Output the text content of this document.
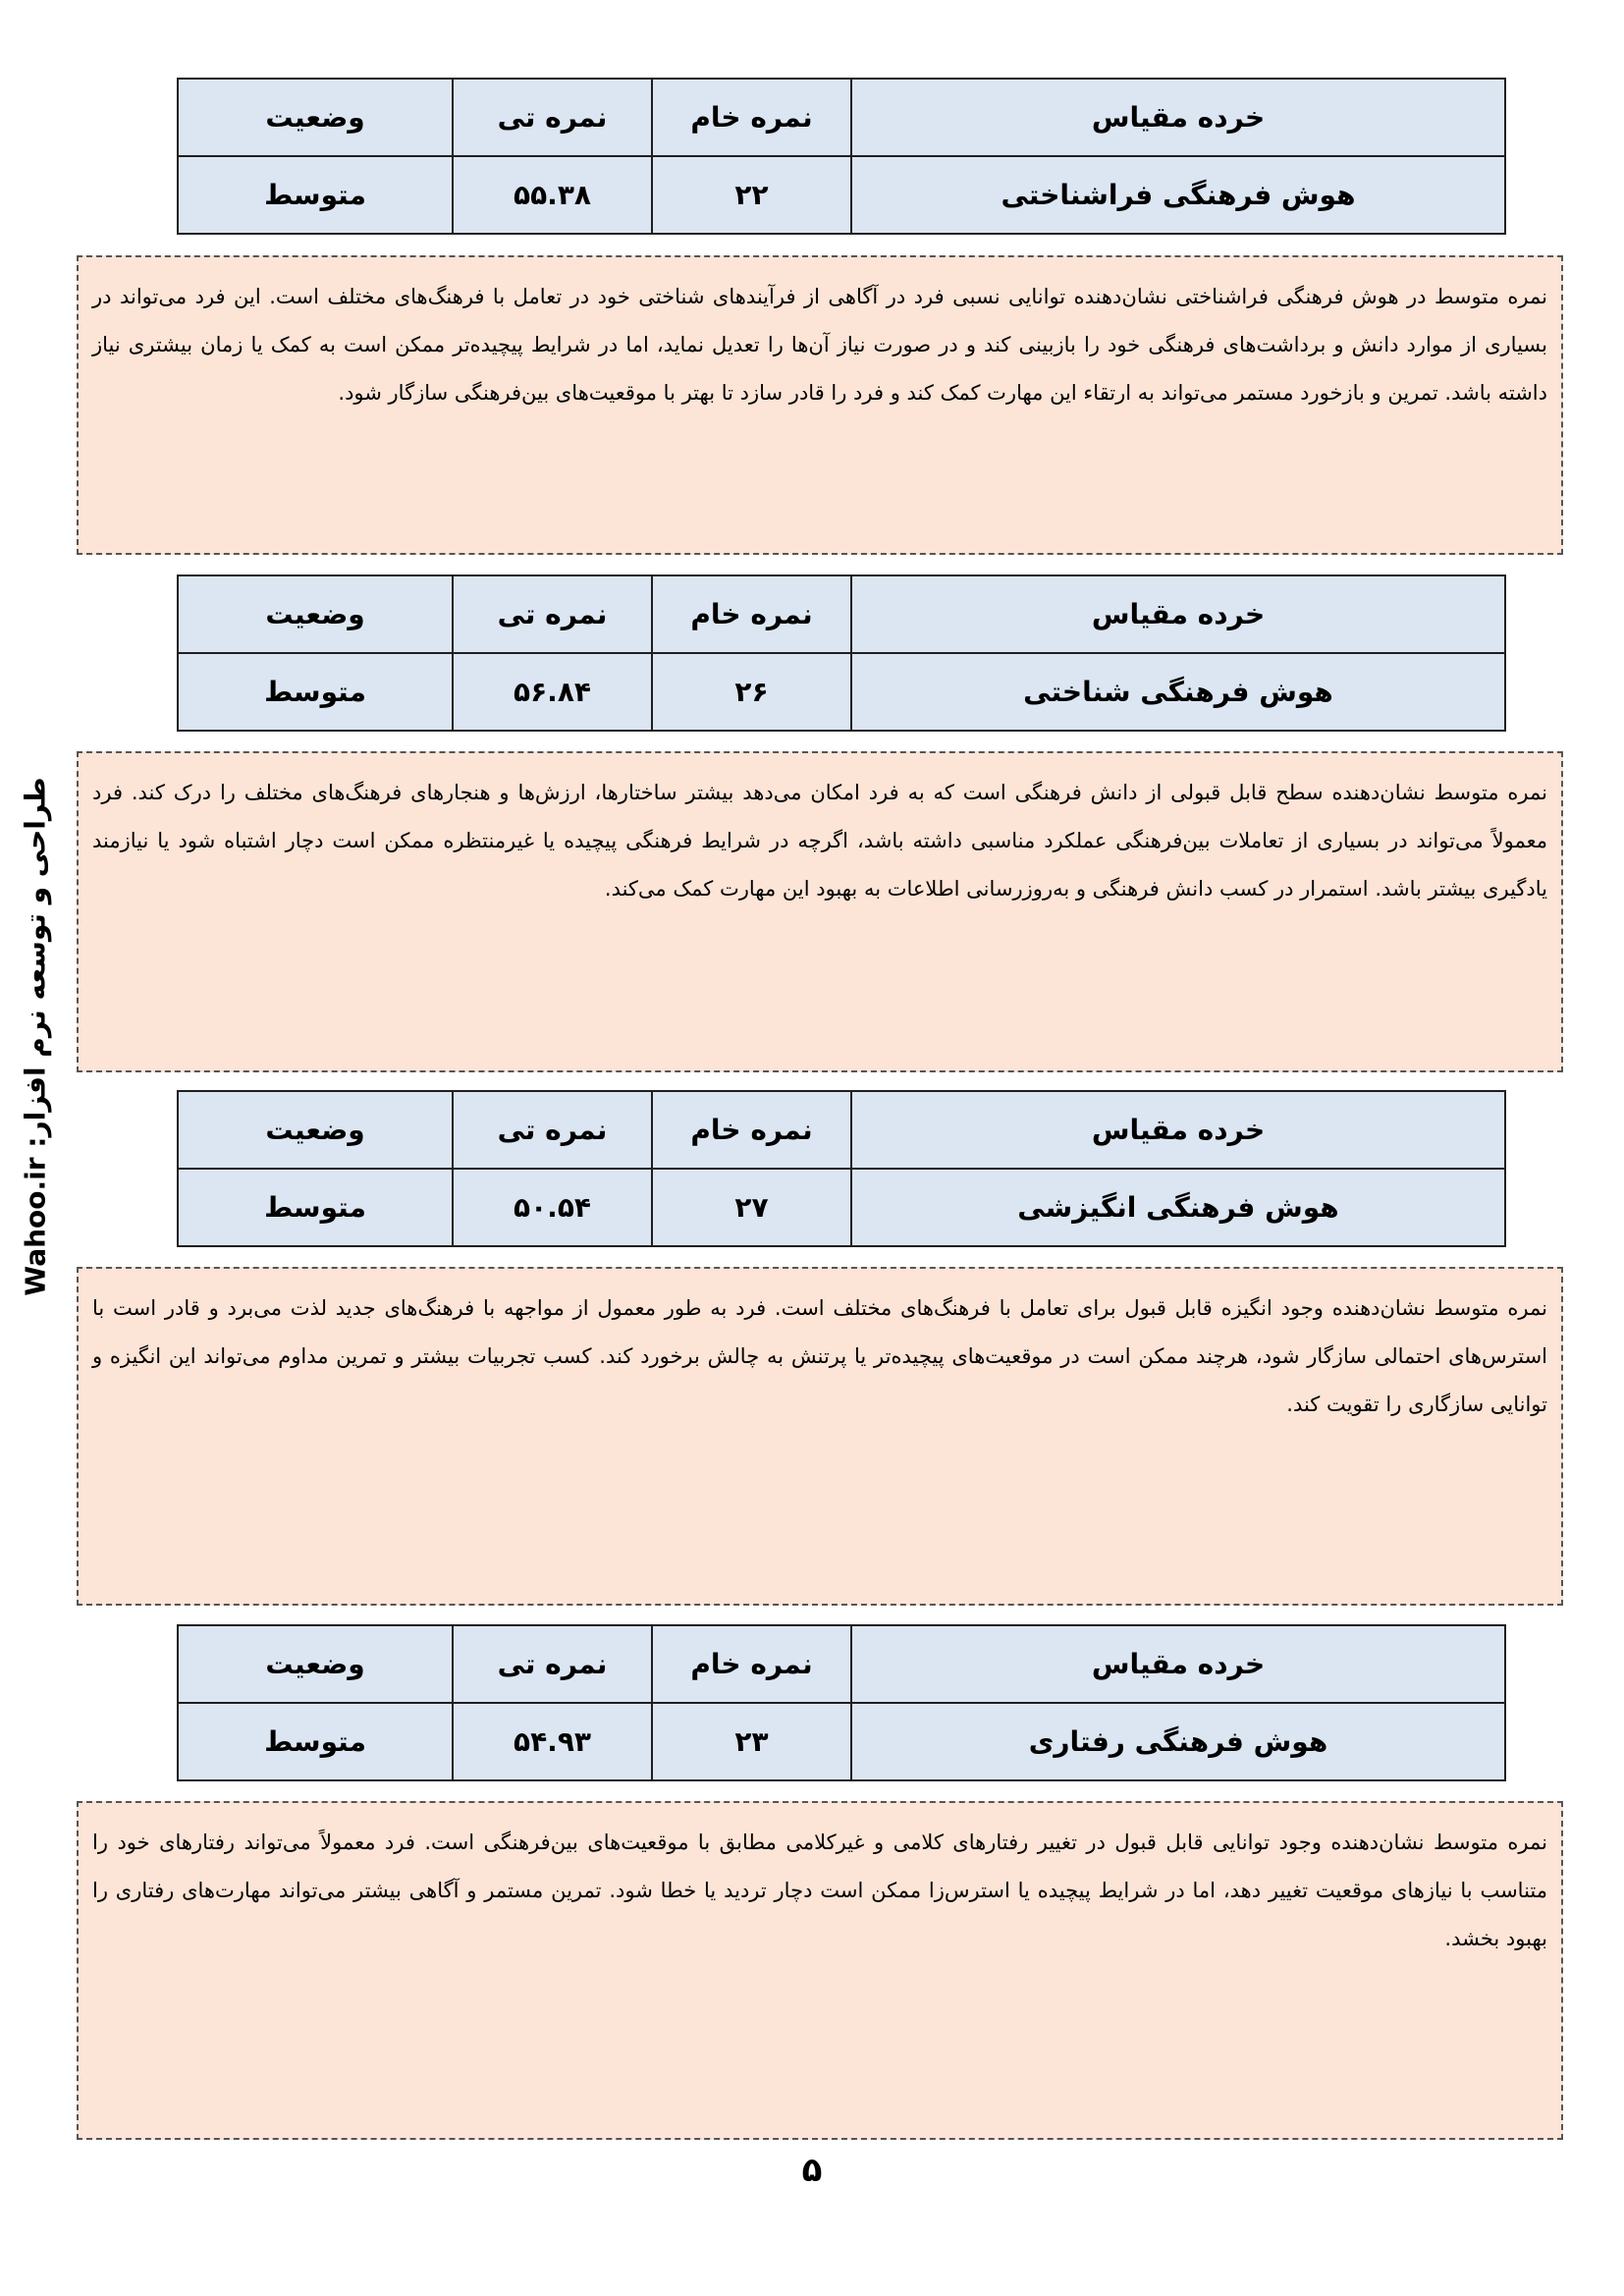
خرده مقیاس	نمره خام	نمره تی	وضعیت
هوش فرهنگی فراشناختی	۲۲	۵۵.۳۸	متوسط
نمره متوسط در هوش فرهنگی فراشناختی نشان‌دهنده توانایی نسبی فرد در آگاهی از فرآیندهای شناختی خود در تعامل با فرهنگ‌های مختلف است. این فرد می‌تواند در بسیاری از موارد دانش و برداشت‌های فرهنگی خود را بازبینی کند و در صورت نیاز آن‌ها را تعدیل نماید، اما در شرایط پیچیده‌تر ممکن است به کمک یا زمان بیشتری نیاز داشته باشد. تمرین و بازخورد مستمر می‌تواند به ارتقاء این مهارت کمک کند و فرد را قادر سازد تا بهتر با موقعیت‌های بین‌فرهنگی سازگار شود.
خرده مقیاس	نمره خام	نمره تی	وضعیت
هوش فرهنگی شناختی	۲۶	۵۶.۸۴	متوسط
نمره متوسط نشان‌دهنده سطح قابل قبولی از دانش فرهنگی است که به فرد امکان می‌دهد بیشتر ساختارها، ارزش‌ها و هنجارهای فرهنگ‌های مختلف را درک کند. فرد معمولاً می‌تواند در بسیاری از تعاملات بین‌فرهنگی عملکرد مناسبی داشته باشد، اگرچه در شرایط فرهنگی پیچیده یا غیرمنتظره ممکن است دچار اشتباه شود یا نیازمند یادگیری بیشتر باشد. استمرار در کسب دانش فرهنگی و به‌روزرسانی اطلاعات به بهبود این مهارت کمک می‌کند.
خرده مقیاس	نمره خام	نمره تی	وضعیت
هوش فرهنگی انگیزشی	۲۷	۵۰.۵۴	متوسط
نمره متوسط نشان‌دهنده وجود انگیزه قابل قبول برای تعامل با فرهنگ‌های مختلف است. فرد به طور معمول از مواجهه با فرهنگ‌های جدید لذت می‌برد و قادر است با استرس‌های احتمالی سازگار شود، هرچند ممکن است در موقعیت‌های پیچیده‌تر یا پرتنش به چالش برخورد کند. کسب تجربیات بیشتر و تمرین مداوم می‌تواند این انگیزه و توانایی سازگاری را تقویت کند.
خرده مقیاس	نمره خام	نمره تی	وضعیت
هوش فرهنگی رفتاری	۲۳	۵۴.۹۳	متوسط
نمره متوسط نشان‌دهنده وجود توانایی قابل قبول در تغییر رفتارهای کلامی و غیرکلامی مطابق با موقعیت‌های بین‌فرهنگی است. فرد معمولاً می‌تواند رفتارهای خود را متناسب با نیازهای موقعیت تغییر دهد، اما در شرایط پیچیده یا استرس‌زا ممکن است دچار تردید یا خطا شود. تمرین مستمر و آگاهی بیشتر می‌تواند مهارت‌های رفتاری را بهبود بخشد.
طراحی و توسعه نرم افزار: Wahoo.ir
۵
